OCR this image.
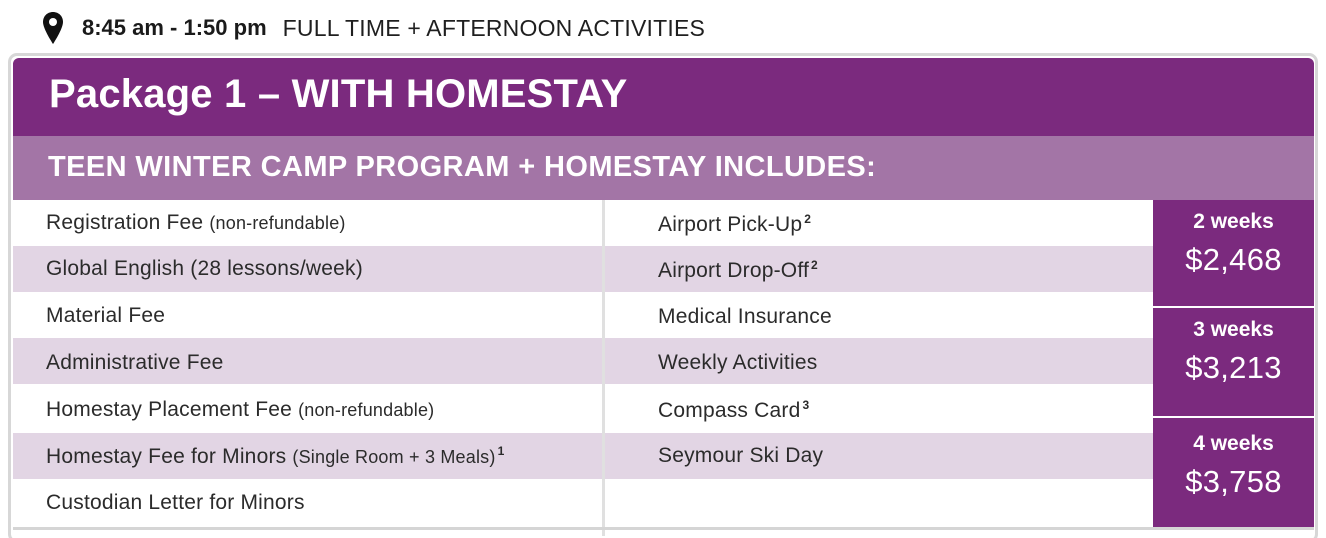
8:45 am - 1:50 pm FULL TIME + AFTERNOON ACTIVITIES
Package 1 – WITH HOMESTAY
TEEN WINTER CAMP PROGRAM + HOMESTAY INCLUDES:
Registration Fee (non-refundable)
Global English (28 lessons/week)
Material Fee
Administrative Fee
Homestay Placement Fee (non-refundable)
Homestay Fee for Minors (Single Room + 3 Meals) $^1$
Custodian Letter for Minors
Airport Pick-Up $^2$
Airport Drop-Off $^2$
Medical Insurance
Weekly Activities
Compass Card $^3$
Seymour Ski Day
2 weeks
$2,468
3 weeks
$3,213
4 weeks
$3,758
